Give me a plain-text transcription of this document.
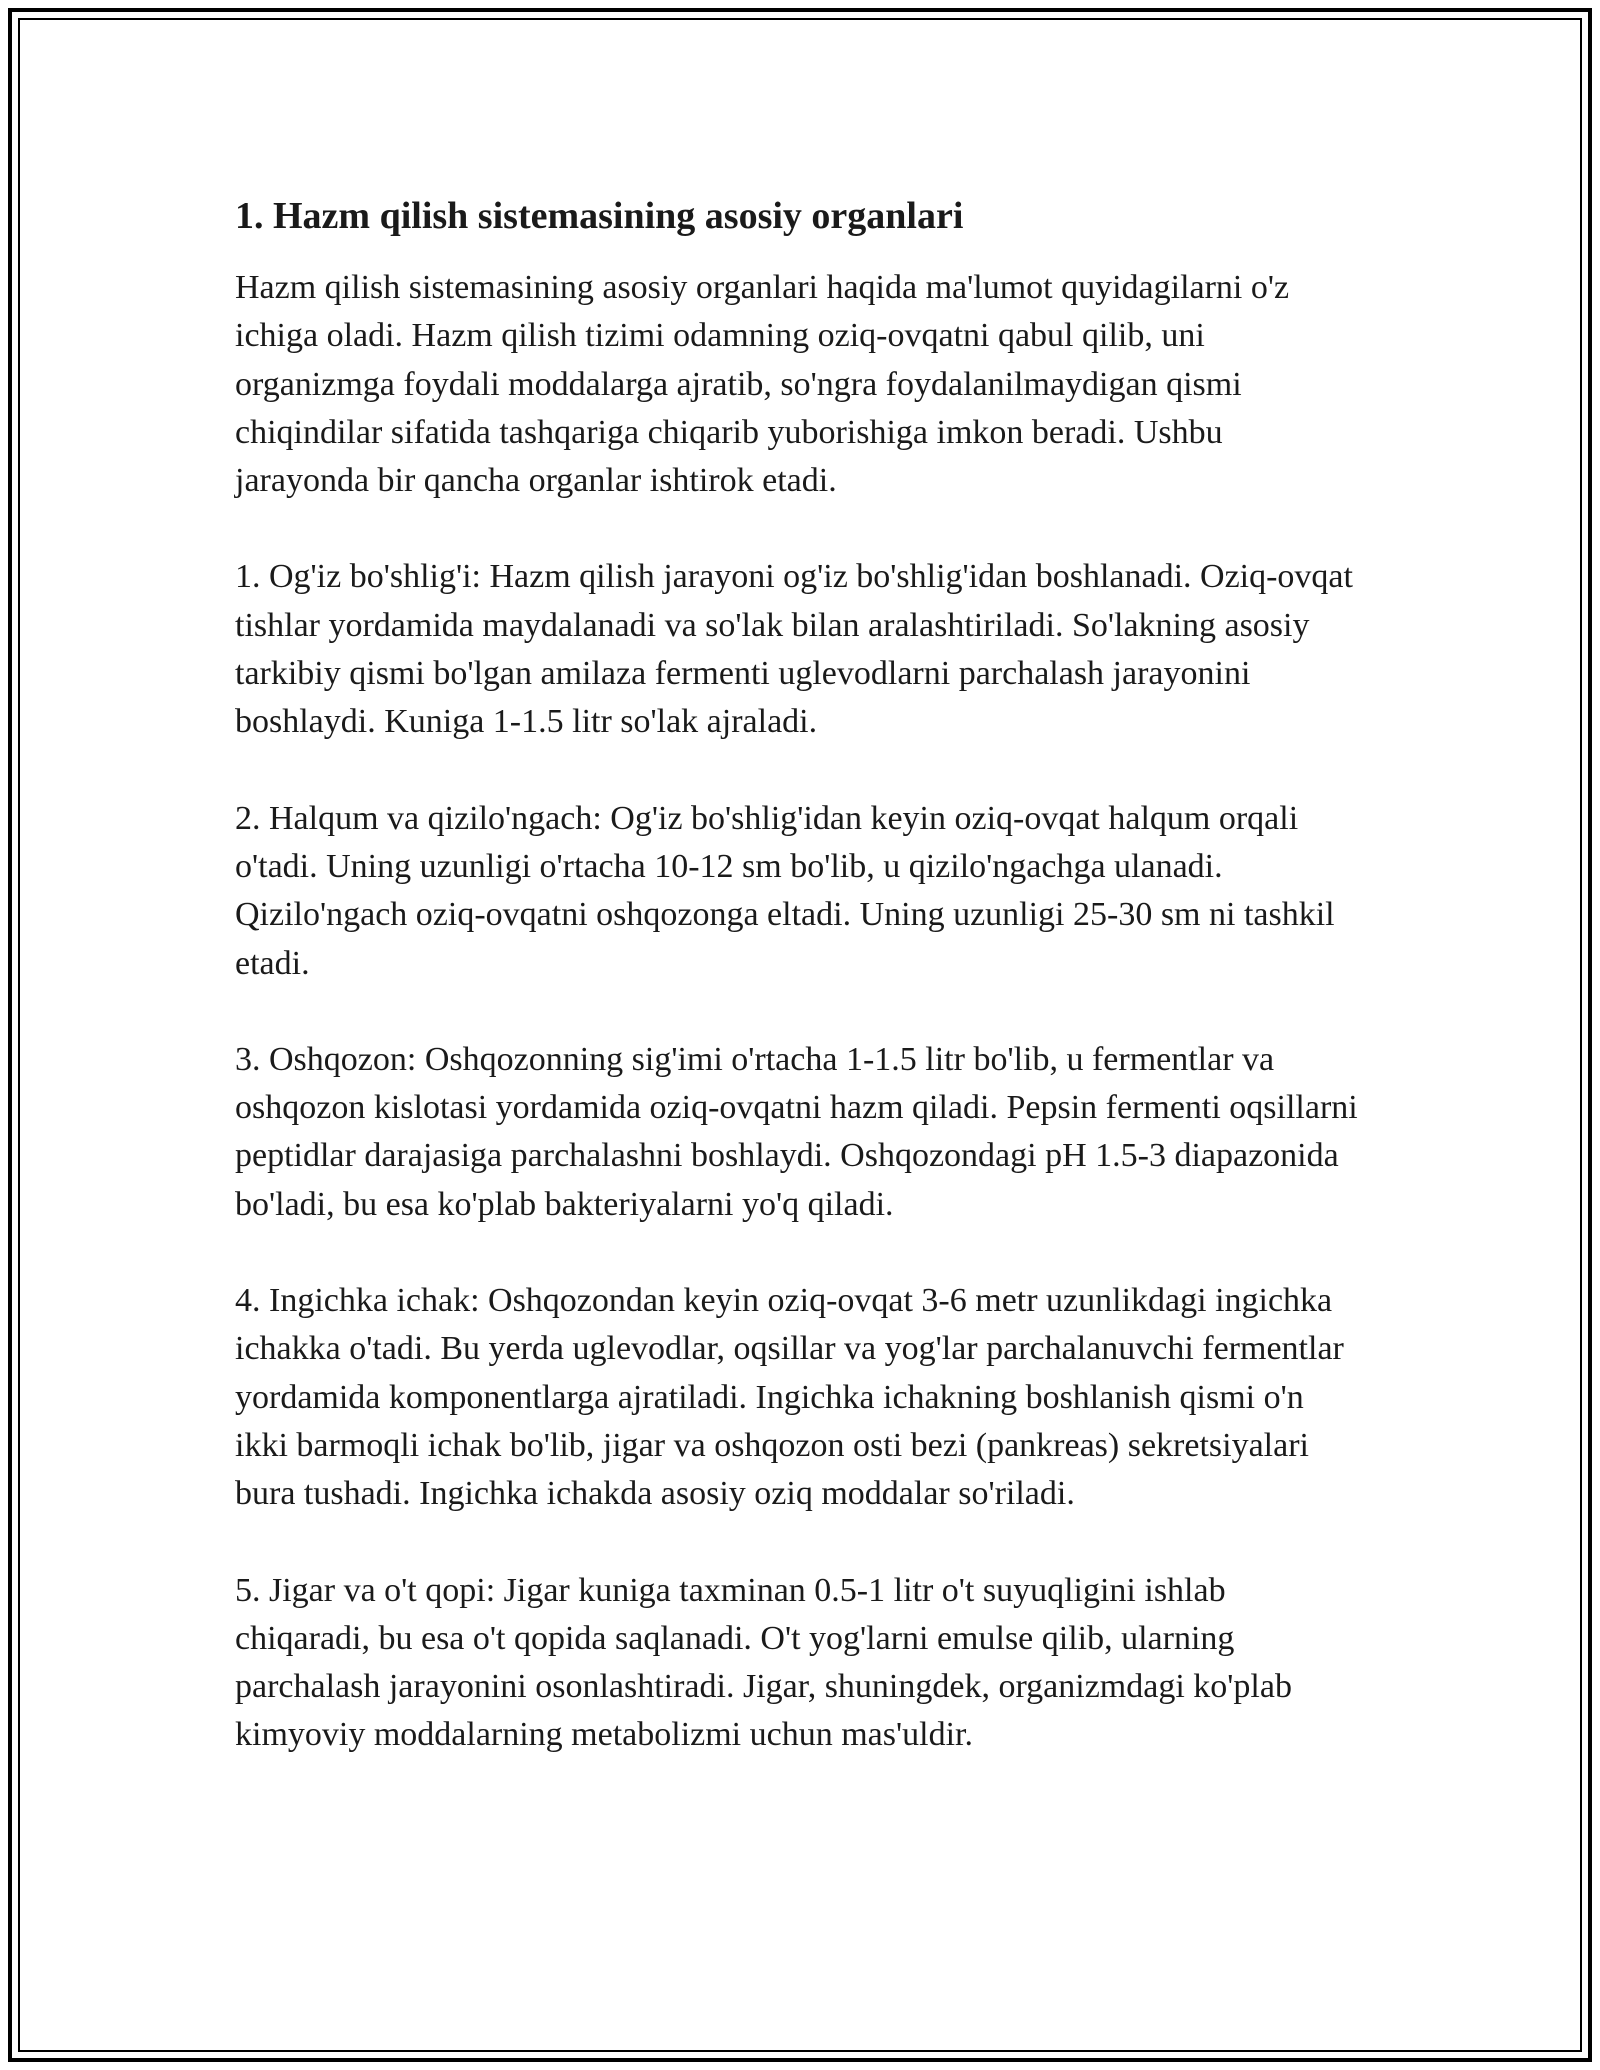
1. Hazm qilish sistemasining asosiy organlari

Hazm qilish sistemasining asosiy organlari haqida ma'lumot quyidagilarni o'z ichiga oladi. Hazm qilish tizimi odamning oziq-ovqatni qabul qilib, uni organizmga foydali moddalarga ajratib, so'ngra foydalanilmaydigan qismi chiqindilar sifatida tashqariga chiqarib yuborishiga imkon beradi. Ushbu jarayonda bir qancha organlar ishtirok etadi.

1. Og'iz bo'shlig'i: Hazm qilish jarayoni og'iz bo'shlig'idan boshlanadi. Oziq-ovqat tishlar yordamida maydalanadi va so'lak bilan aralashtiriladi. So'lakning asosiy tarkibiy qismi bo'lgan amilaza fermenti uglevodlarni parchalash jarayonini boshlaydi. Kuniga 1-1.5 litr so'lak ajraladi.

2. Halqum va qizilo'ngach: Og'iz bo'shlig'idan keyin oziq-ovqat halqum orqali o'tadi. Uning uzunligi o'rtacha 10-12 sm bo'lib, u qizilo'ngachga ulanadi. Qizilo'ngach oziq-ovqatni oshqozonga eltadi. Uning uzunligi 25-30 sm ni tashkil etadi.

3. Oshqozon: Oshqozonning sig'imi o'rtacha 1-1.5 litr bo'lib, u fermentlar va oshqozon kislotasi yordamida oziq-ovqatni hazm qiladi. Pepsin fermenti oqsillarni peptidlar darajasiga parchalashni boshlaydi. Oshqozondagi pH 1.5-3 diapazonida bo'ladi, bu esa ko'plab bakteriyalarni yo'q qiladi.

4. Ingichka ichak: Oshqozondan keyin oziq-ovqat 3-6 metr uzunlikdagi ingichka ichakka o'tadi. Bu yerda uglevodlar, oqsillar va yog'lar parchalanuvchi fermentlar yordamida komponentlarga ajratiladi. Ingichka ichakning boshlanish qismi o'n ikki barmoqli ichak bo'lib, jigar va oshqozon osti bezi (pankreas) sekretsiyalari bura tushadi. Ingichka ichakda asosiy oziq moddalar so'riladi.

5. Jigar va o't qopi: Jigar kuniga taxminan 0.5-1 litr o't suyuqligini ishlab chiqaradi, bu esa o't qopida saqlanadi. O't yog'larni emulse qilib, ularning parchalash jarayonini osonlashtiradi. Jigar, shuningdek, organizmdagi ko'plab kimyoviy moddalarning metabolizmi uchun mas'uldir.
